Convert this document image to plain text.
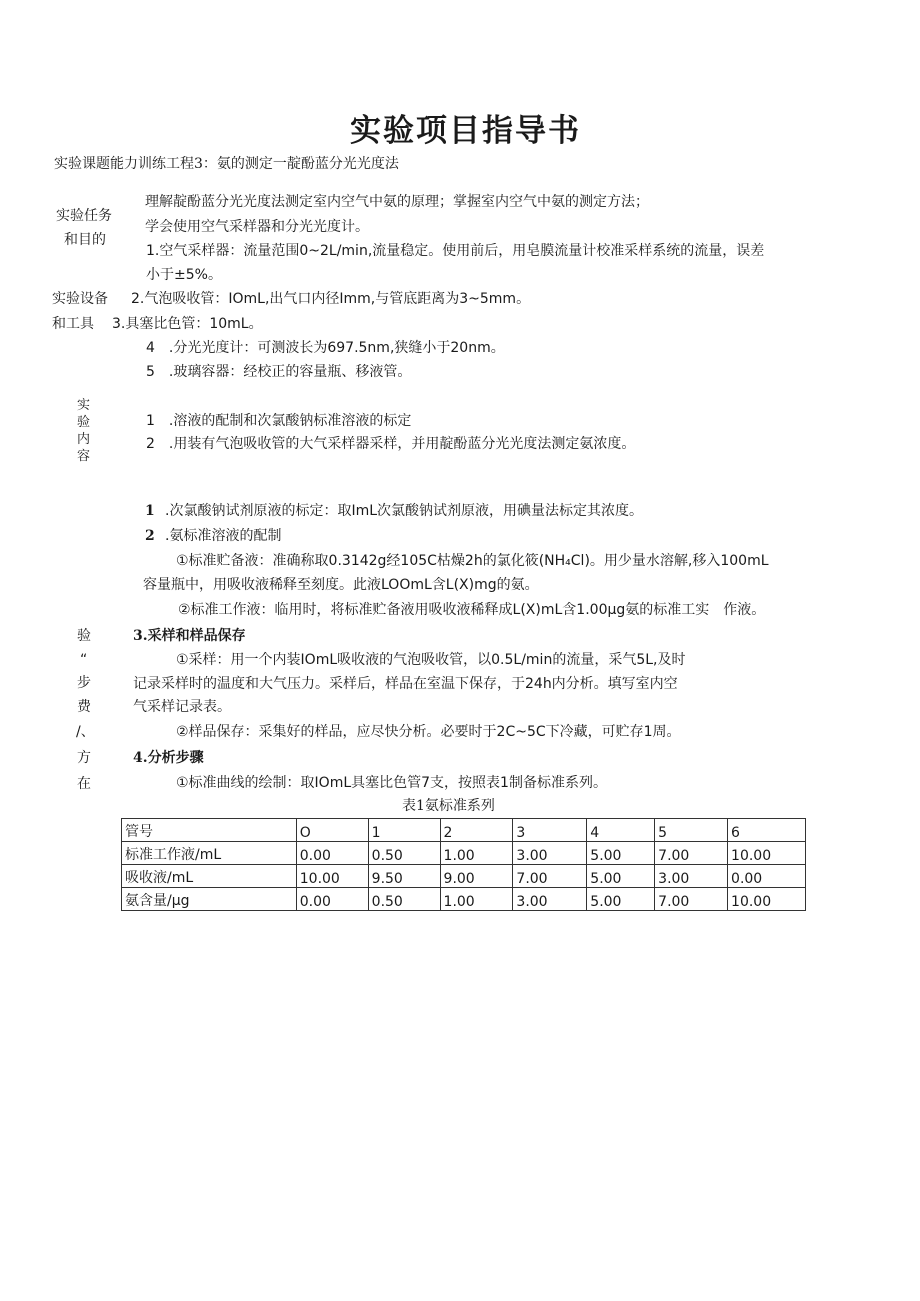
实验项目指导书
实验课题能力训练工程3：氨的测定一靛酚蓝分光光度法
实验任务
和目的
理解靛酚蓝分光光度法测定室内空气中氨的原理；掌握室内空气中氨的测定方法；
学会使用空气采样器和分光光度计。
1.空气采样器：流量范围0~2L/min,流量稳定。使用前后，用皂膜流量计校准采样系统的流量，误差
小于±5%。
实验设备 2.气泡吸收管：IOmL,出气口内径Imm,与管底距离为3~5mm。
和工具 3.具塞比色管：10mL。
4　.分光光度计：可测波长为697.5nm,狭缝小于20nm。
5　.玻璃容器：经校正的容量瓶、移液管。
实
验
内
容
1　.溶液的配制和次氯酸钠标准溶液的标定
2　.用装有气泡吸收管的大气采样器采样，并用靛酚蓝分光光度法测定氨浓度。
1 .次氯酸钠试剂原液的标定：取ImL次氯酸钠试剂原液，用碘量法标定其浓度。
2 .氨标准溶液的配制
①标准贮备液：准确称取0.3142g经105C枯燥2h的氯化筱(NH₄Cl)。用少量水溶解,移入100mL
容量瓶中，用吸收液稀释至刻度。此液LOOmL含L(X)mg的氨。
②标准工作液：临用时，将标准贮备液用吸收液稀释成L(X)mL含1.00μg氨的标准工实　作液。
验
“
步
费
/、
方
在
3.采样和样品保存
①采样：用一个内装IOmL吸收液的气泡吸收管，以0.5L/min的流量，采气5L,及时
记录采样时的温度和大气压力。采样后，样品在室温下保存，于24h内分析。填写室内空
气采样记录表。
②样品保存：采集好的样品，应尽快分析。必要时于2C~5C下冷藏，可贮存1周。
4.分析步骤
①标准曲线的绘制：取IOmL具塞比色管7支，按照表1制备标准系列。
表1氨标准系列
管号	O	1	2	3	4	5	6
标准工作液/mL	0.00	0.50	1.00	3.00	5.00	7.00	10.00
吸收液/mL	10.00	9.50	9.00	7.00	5.00	3.00	0.00
氨含量/μg	0.00	0.50	1.00	3.00	5.00	7.00	10.00
